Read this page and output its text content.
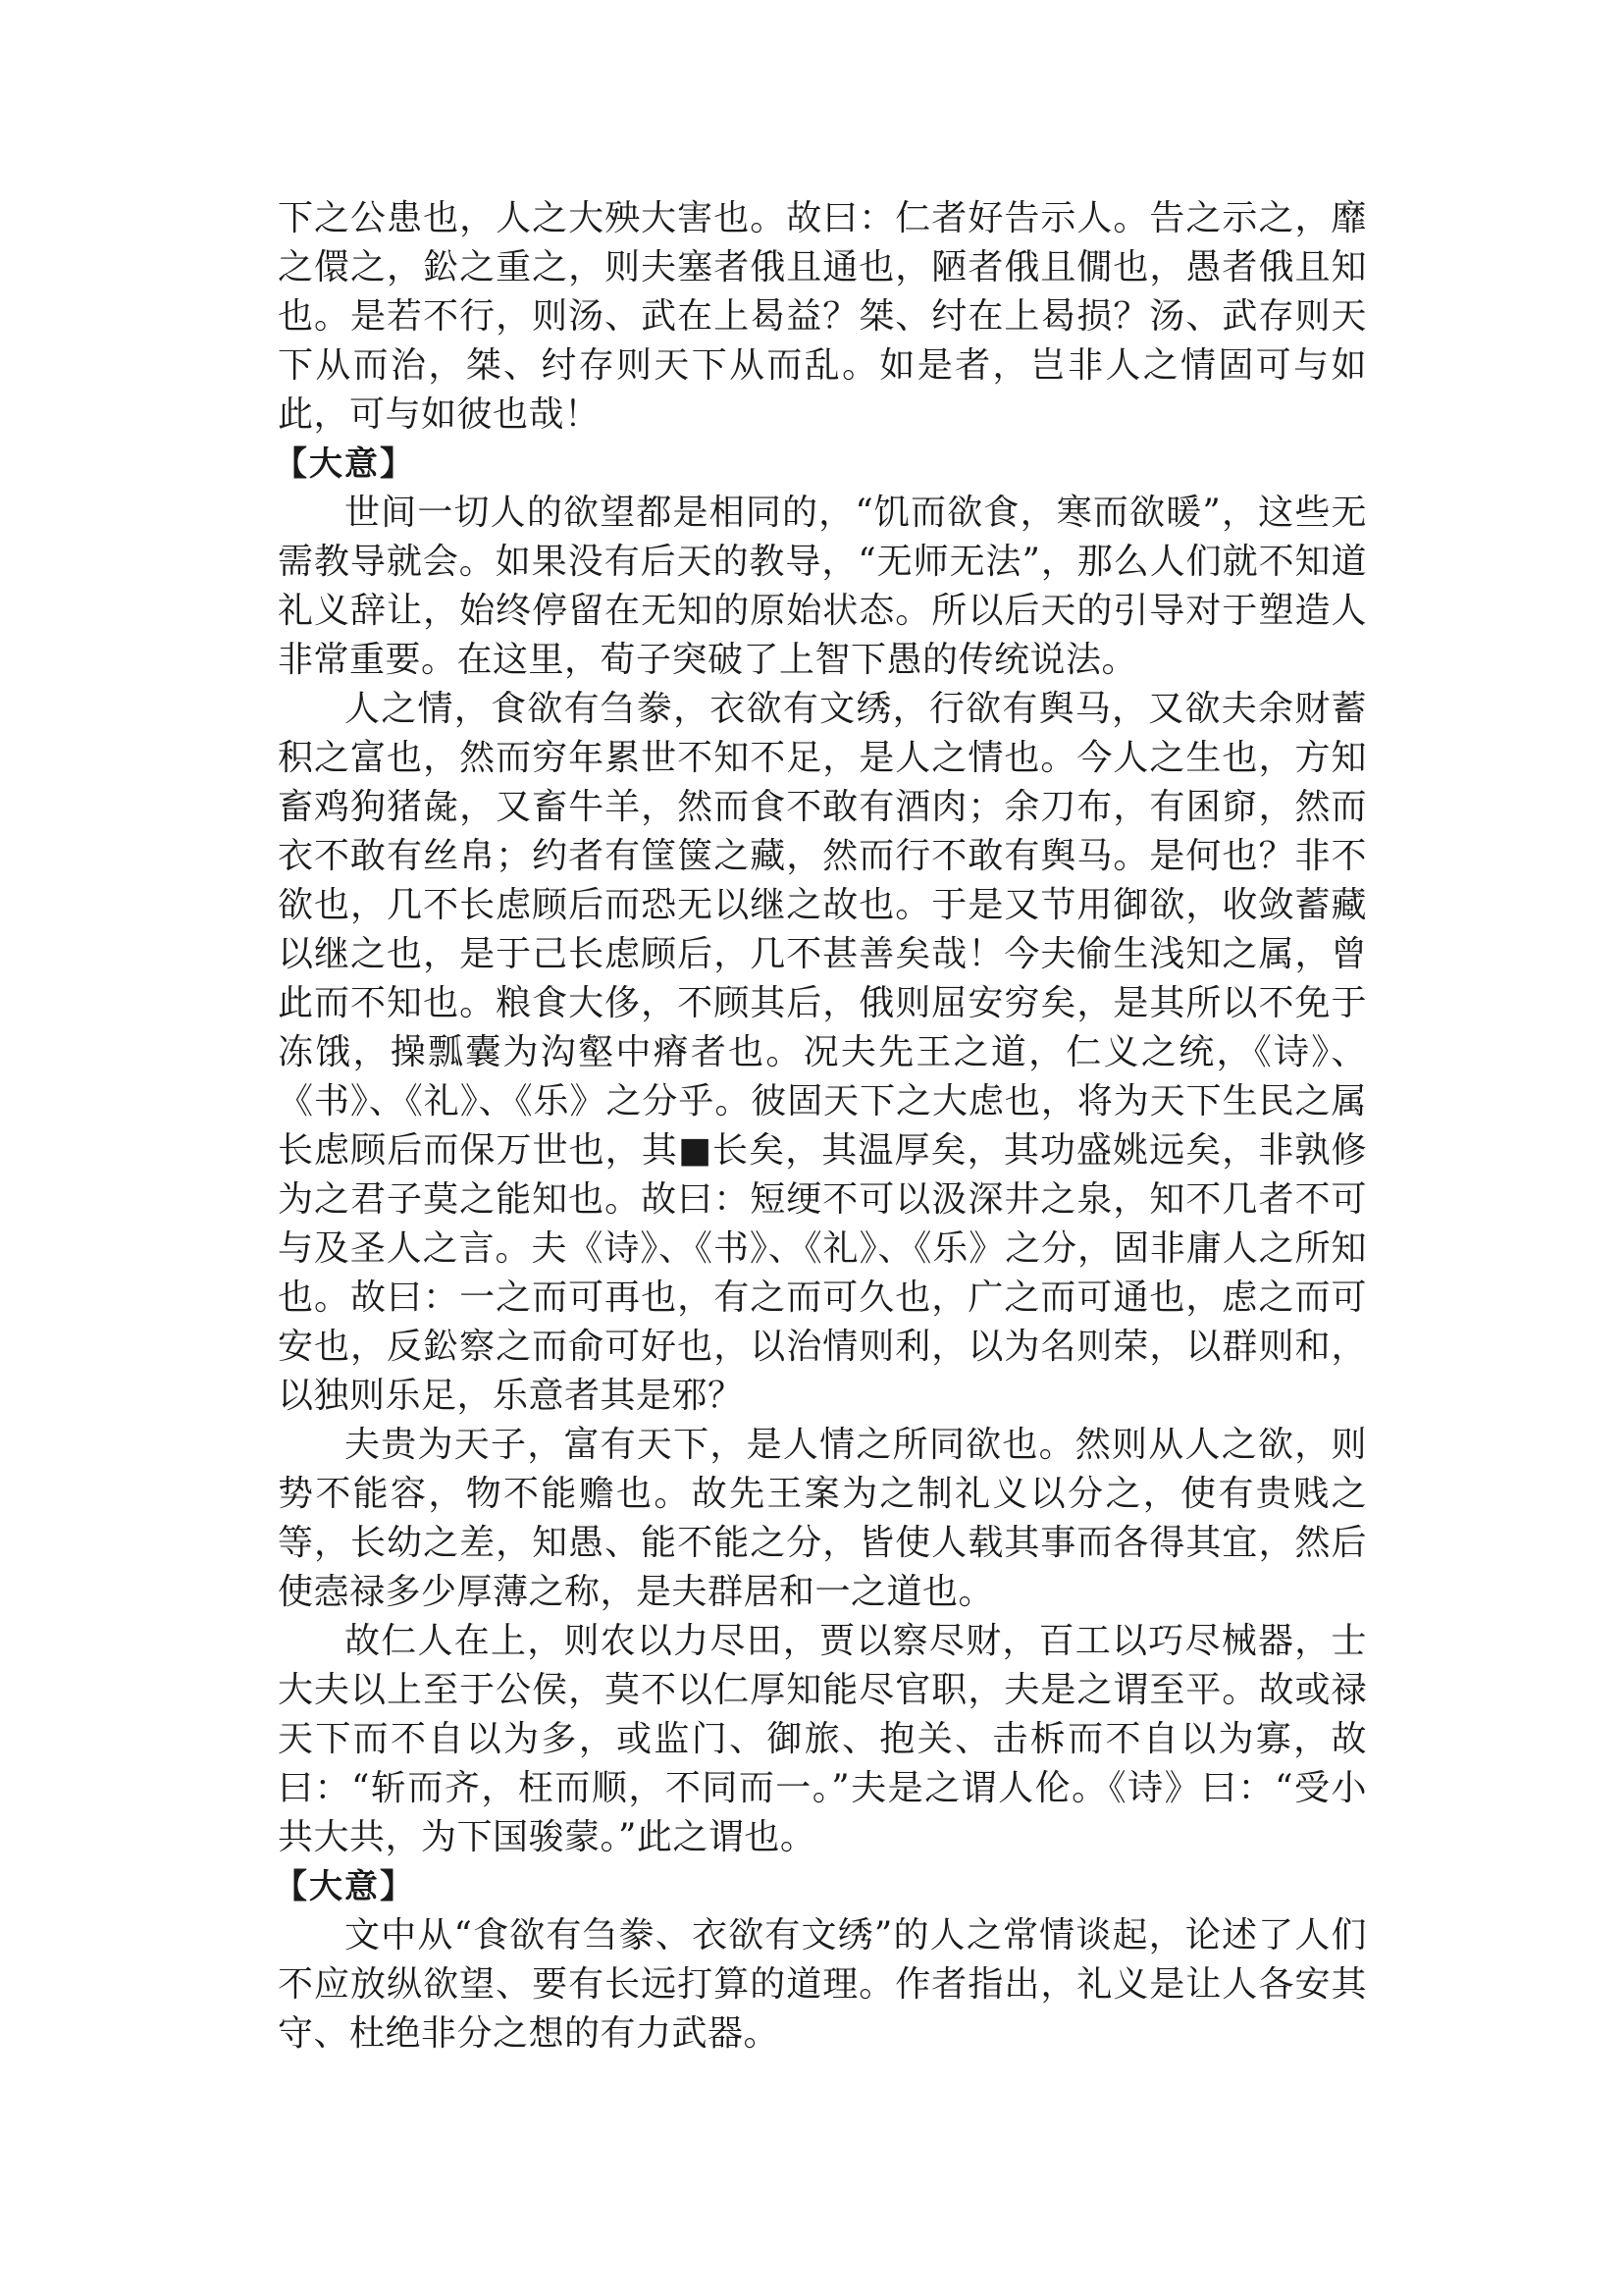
下之公患也，人之大殃大害也。故曰：仁者好告示人。告之示之，靡之儇之，鈆之重之，则夫塞者俄且通也，陋者俄且僩也，愚者俄且知也。是若不行，则汤、武在上曷益？桀、纣在上曷损？汤、武存则天下从而治，桀、纣存则天下从而乱。如是者，岂非人之情固可与如此，可与如彼也哉！

【大意】

世间一切人的欲望都是相同的，“饥而欲食，寒而欲暖”，这些无需教导就会。如果没有后天的教导，“无师无法”，那么人们就不知道礼义辞让，始终停留在无知的原始状态。所以后天的引导对于塑造人非常重要。在这里，荀子突破了上智下愚的传统说法。

人之情，食欲有刍豢，衣欲有文绣，行欲有舆马，又欲夫余财蓄积之富也，然而穷年累世不知不足，是人之情也。今人之生也，方知畜鸡狗猪彘，又畜牛羊，然而食不敢有酒肉；余刀布，有囷窌，然而衣不敢有丝帛；约者有筐箧之藏，然而行不敢有舆马。是何也？非不欲也，几不长虑顾后而恐无以继之故也。于是又节用御欲，收敛蓄藏以继之也，是于己长虑顾后，几不甚善矣哉！今夫偷生浅知之属，曾此而不知也。粮食大侈，不顾其后，俄则屈安穷矣，是其所以不免于冻饿，操瓢囊为沟壑中瘠者也。况夫先王之道，仁义之统，《诗》、《书》、《礼》、《乐》之分乎。彼固天下之大虑也，将为天下生民之属长虑顾后而保万世也，其■长矣，其温厚矣，其功盛姚远矣，非孰修为之君子莫之能知也。故曰：短绠不可以汲深井之泉，知不几者不可与及圣人之言。夫《诗》、《书》、《礼》、《乐》之分，固非庸人之所知也。故曰：一之而可再也，有之而可久也，广之而可通也，虑之而可安也，反鈆察之而俞可好也，以治情则利，以为名则荣，以群则和，以独则乐足，乐意者其是邪？

夫贵为天子，富有天下，是人情之所同欲也。然则从人之欲，则势不能容，物不能赡也。故先王案为之制礼义以分之，使有贵贱之等，长幼之差，知愚、能不能之分，皆使人载其事而各得其宜，然后使悫禄多少厚薄之称，是夫群居和一之道也。

故仁人在上，则农以力尽田，贾以察尽财，百工以巧尽械器，士大夫以上至于公侯，莫不以仁厚知能尽官职，夫是之谓至平。故或禄天下而不自以为多，或监门、御旅、抱关、击柝而不自以为寡，故曰：“斩而齐，枉而顺，不同而一。”夫是之谓人伦。《诗》曰：“受小共大共，为下国骏蒙。”此之谓也。

【大意】

文中从“食欲有刍豢、衣欲有文绣”的人之常情谈起，论述了人们不应放纵欲望、要有长远打算的道理。作者指出，礼义是让人各安其守、杜绝非分之想的有力武器。
